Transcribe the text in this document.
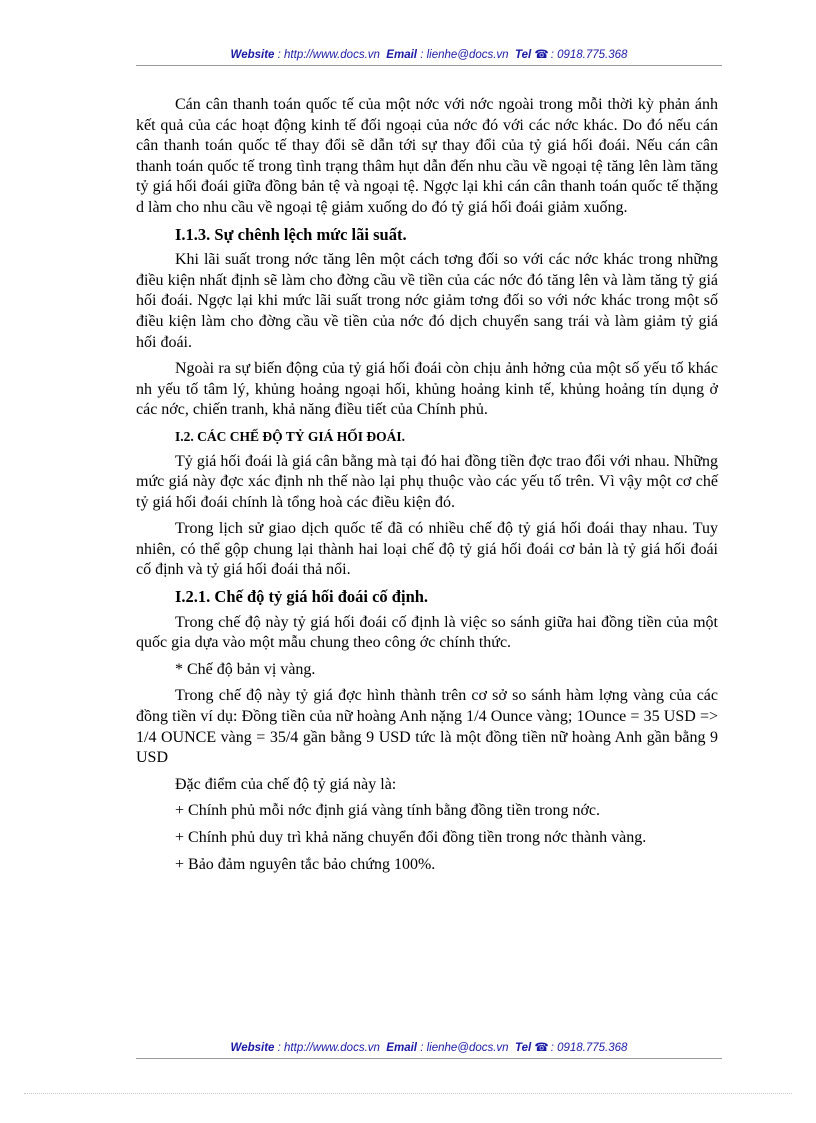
Website : http://www.docs.vn Email : lienhe@docs.vn Tel ☎ : 0918.775.368

Cán cân thanh toán quốc tế của một nớc với nớc ngoài trong mỗi thời kỳ phản ánh kết quả của các hoạt động kinh tế đối ngoại của nớc đó với các nớc khác. Do đó nếu cán cân thanh toán quốc tế thay đổi sẽ dẫn tới sự thay đổi của tỷ giá hối đoái. Nếu cán cân thanh toán quốc tế trong tình trạng thâm hụt dẫn đến nhu cầu về ngoại tệ tăng lên làm tăng tỷ giá hối đoái giữa đồng bản tệ và ngoại tệ. Ngợc lại khi cán cân thanh toán quốc tế thặng d làm cho nhu cầu về ngoại tệ giảm xuống do đó tỷ giá hối đoái giảm xuống.

I.1.3. Sự chênh lệch mức lãi suất.

Khi lãi suất trong nớc tăng lên một cách tơng đối so với các nớc khác trong những điều kiện nhất định sẽ làm cho đờng cầu về tiền của các nớc đó tăng lên và làm tăng tỷ giá hối đoái. Ngợc lại khi mức lãi suất trong nớc giảm tơng đối so với nớc khác trong một số điều kiện làm cho đờng cầu về tiền của nớc đó dịch chuyển sang trái và làm giảm tỷ giá hối đoái.

Ngoài ra sự biến động của tỷ giá hối đoái còn chịu ảnh hởng của một số yếu tố khác nh yếu tố tâm lý, khủng hoảng ngoại hối, khủng hoảng kinh tế, khủng hoảng tín dụng ở các nớc, chiến tranh, khả năng điều tiết của Chính phủ.

I.2. CÁC CHẾ ĐỘ TỶ GIÁ HỐI ĐOÁI.

Tỷ giá hối đoái là giá cân bằng mà tại đó hai đồng tiền đợc trao đổi với nhau. Những mức giá này đợc xác định nh thế nào lại phụ thuộc vào các yếu tố trên. Vì vậy một cơ chế tỷ giá hối đoái chính là tổng hoà các điều kiện đó.

Trong lịch sử giao dịch quốc tế đã có nhiều chế độ tỷ giá hối đoái thay nhau. Tuy nhiên, có thể gộp chung lại thành hai loại chế độ tỷ giá hối đoái cơ bản là tỷ giá hối đoái cố định và tỷ giá hối đoái thả nổi.

I.2.1. Chế độ tỷ giá hối đoái cố định.

Trong chế độ này tỷ giá hối đoái cố định là việc so sánh giữa hai đồng tiền của một quốc gia dựa vào một mẫu chung theo công ớc chính thức.

* Chế độ bản vị vàng.

Trong chế độ này tỷ giá đợc hình thành trên cơ sở so sánh hàm lợng vàng của các đồng tiền ví dụ: Đồng tiền của nữ hoàng Anh nặng 1/4 Ounce vàng; 1Ounce = 35 USD => 1/4 OUNCE vàng = 35/4 gần bằng 9 USD tức là một đồng tiền nữ hoàng Anh gần bằng 9 USD

Đặc điểm của chế độ tỷ giá này là:

+ Chính phủ mỗi nớc định giá vàng tính bằng đồng tiền trong nớc.

+ Chính phủ duy trì khả năng chuyển đổi đồng tiền trong nớc thành vàng.

+ Bảo đảm nguyên tắc bảo chứng 100%.

Website : http://www.docs.vn Email : lienhe@docs.vn Tel ☎ : 0918.775.368
